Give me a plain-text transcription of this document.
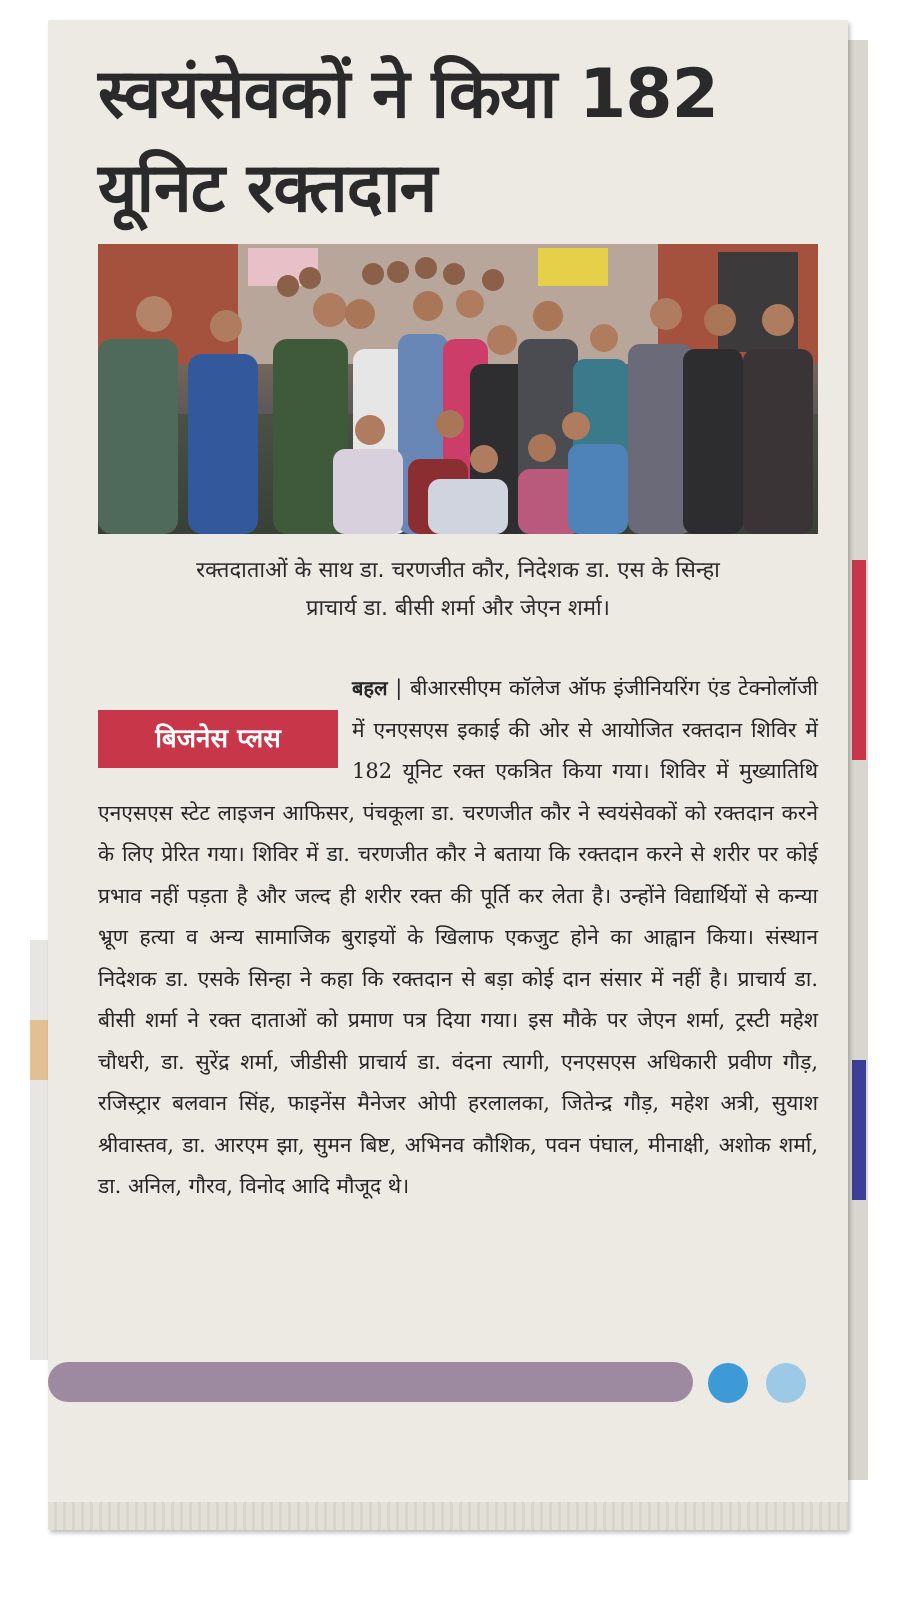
स्वयंसेवकों ने किया 182
यूनिट रक्तदान

रक्तदाताओं के साथ डा. चरणजीत कौर, निदेशक डा. एस के सिन्हा
प्राचार्य डा. बीसी शर्मा और जेएन शर्मा।

बिजनेस प्लस

बहल | बीआरसीएम कॉलेज ऑफ इंजीनियरिंग एंड टेक्नोलॉजी में एनएसएस इकाई की ओर से आयोजित रक्तदान शिविर में 182 यूनिट रक्त एकत्रित किया गया। शिविर में मुख्यातिथि एनएसएस स्टेट लाइजन आफिसर, पंचकूला डा. चरणजीत कौर ने स्वयंसेवकों को रक्तदान करने के लिए प्रेरित गया। शिविर में डा. चरणजीत कौर ने बताया कि रक्तदान करने से शरीर पर कोई प्रभाव नहीं पड़ता है और जल्द ही शरीर रक्त की पूर्ति कर लेता है। उन्होंने विद्यार्थियों से कन्या भ्रूण हत्या व अन्य सामाजिक बुराइयों के खिलाफ एकजुट होने का आह्वान किया। संस्थान निदेशक डा. एसके सिन्हा ने कहा कि रक्तदान से बड़ा कोई दान संसार में नहीं है। प्राचार्य डा. बीसी शर्मा ने रक्त दाताओं को प्रमाण पत्र दिया गया। इस मौके पर जेएन शर्मा, ट्रस्टी महेश चौधरी, डा. सुरेंद्र शर्मा, जीडीसी प्राचार्य डा. वंदना त्यागी, एनएसएस अधिकारी प्रवीण गौड़, रजिस्ट्रार बलवान सिंह, फाइनेंस मैनेजर ओपी हरलालका, जितेन्द्र गौड़, महेश अत्री, सुयाश श्रीवास्तव, डा. आरएम झा, सुमन बिष्ट, अभिनव कौशिक, पवन पंघाल, मीनाक्षी, अशोक शर्मा, डा. अनिल, गौरव, विनोद आदि मौजूद थे।
